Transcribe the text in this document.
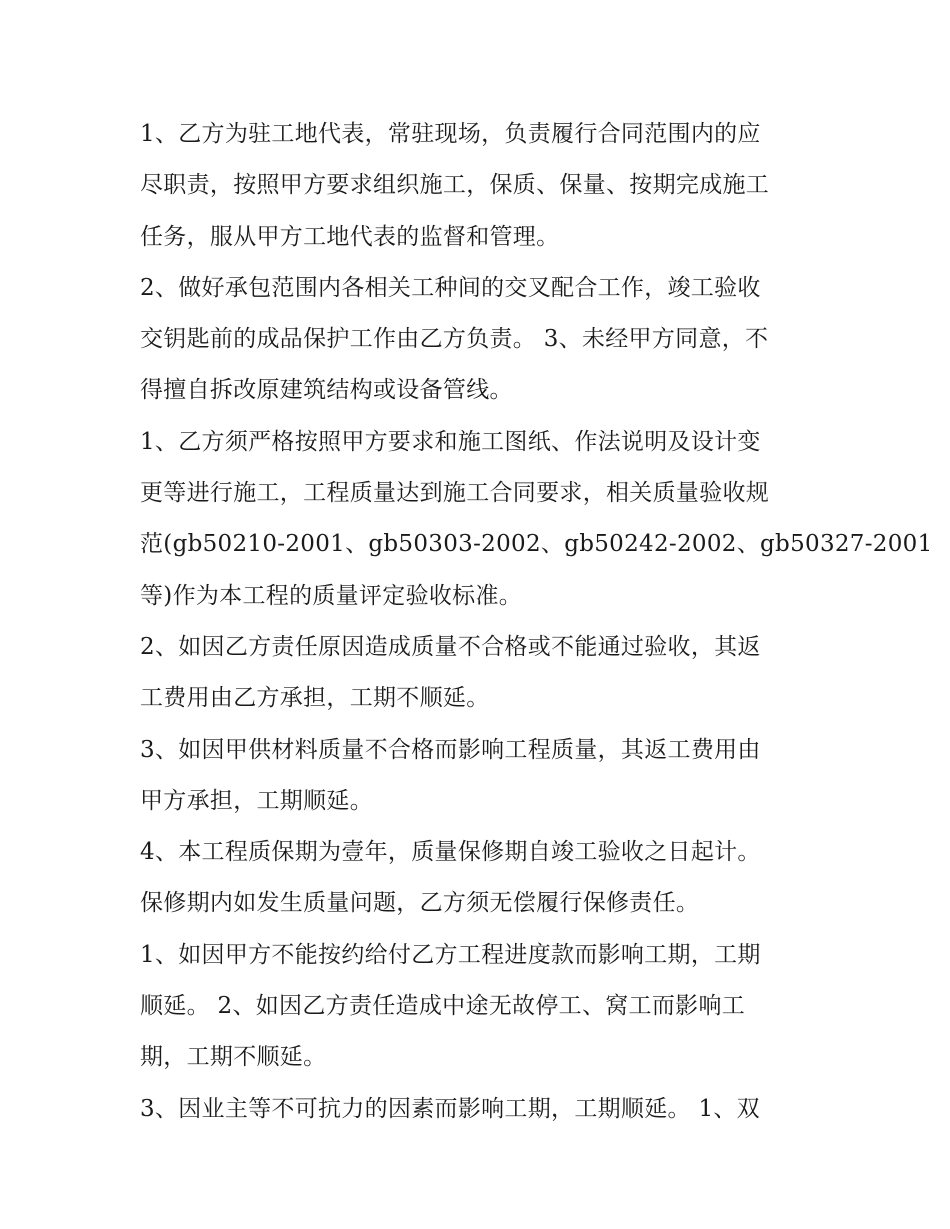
1、乙方为驻工地代表，常驻现场，负责履行合同范围内的应
尽职责，按照甲方要求组织施工，保质、保量、按期完成施工
任务，服从甲方工地代表的监督和管理。
2、做好承包范围内各相关工种间的交叉配合工作，竣工验收
交钥匙前的成品保护工作由乙方负责。 3、未经甲方同意，不
得擅自拆改原建筑结构或设备管线。
1、乙方须严格按照甲方要求和施工图纸、作法说明及设计变
更等进行施工，工程质量达到施工合同要求，相关质量验收规
范(gb50210-2001、gb50303-2002、gb50242-2002、gb50327-2001
等)作为本工程的质量评定验收标准。
2、如因乙方责任原因造成质量不合格或不能通过验收，其返
工费用由乙方承担，工期不顺延。
3、如因甲供材料质量不合格而影响工程质量，其返工费用由
甲方承担，工期顺延。
4、本工程质保期为壹年，质量保修期自竣工验收之日起计。
保修期内如发生质量问题，乙方须无偿履行保修责任。
1、如因甲方不能按约给付乙方工程进度款而影响工期，工期
顺延。 2、如因乙方责任造成中途无故停工、窝工而影响工
期，工期不顺延。
3、因业主等不可抗力的因素而影响工期，工期顺延。 1、双
